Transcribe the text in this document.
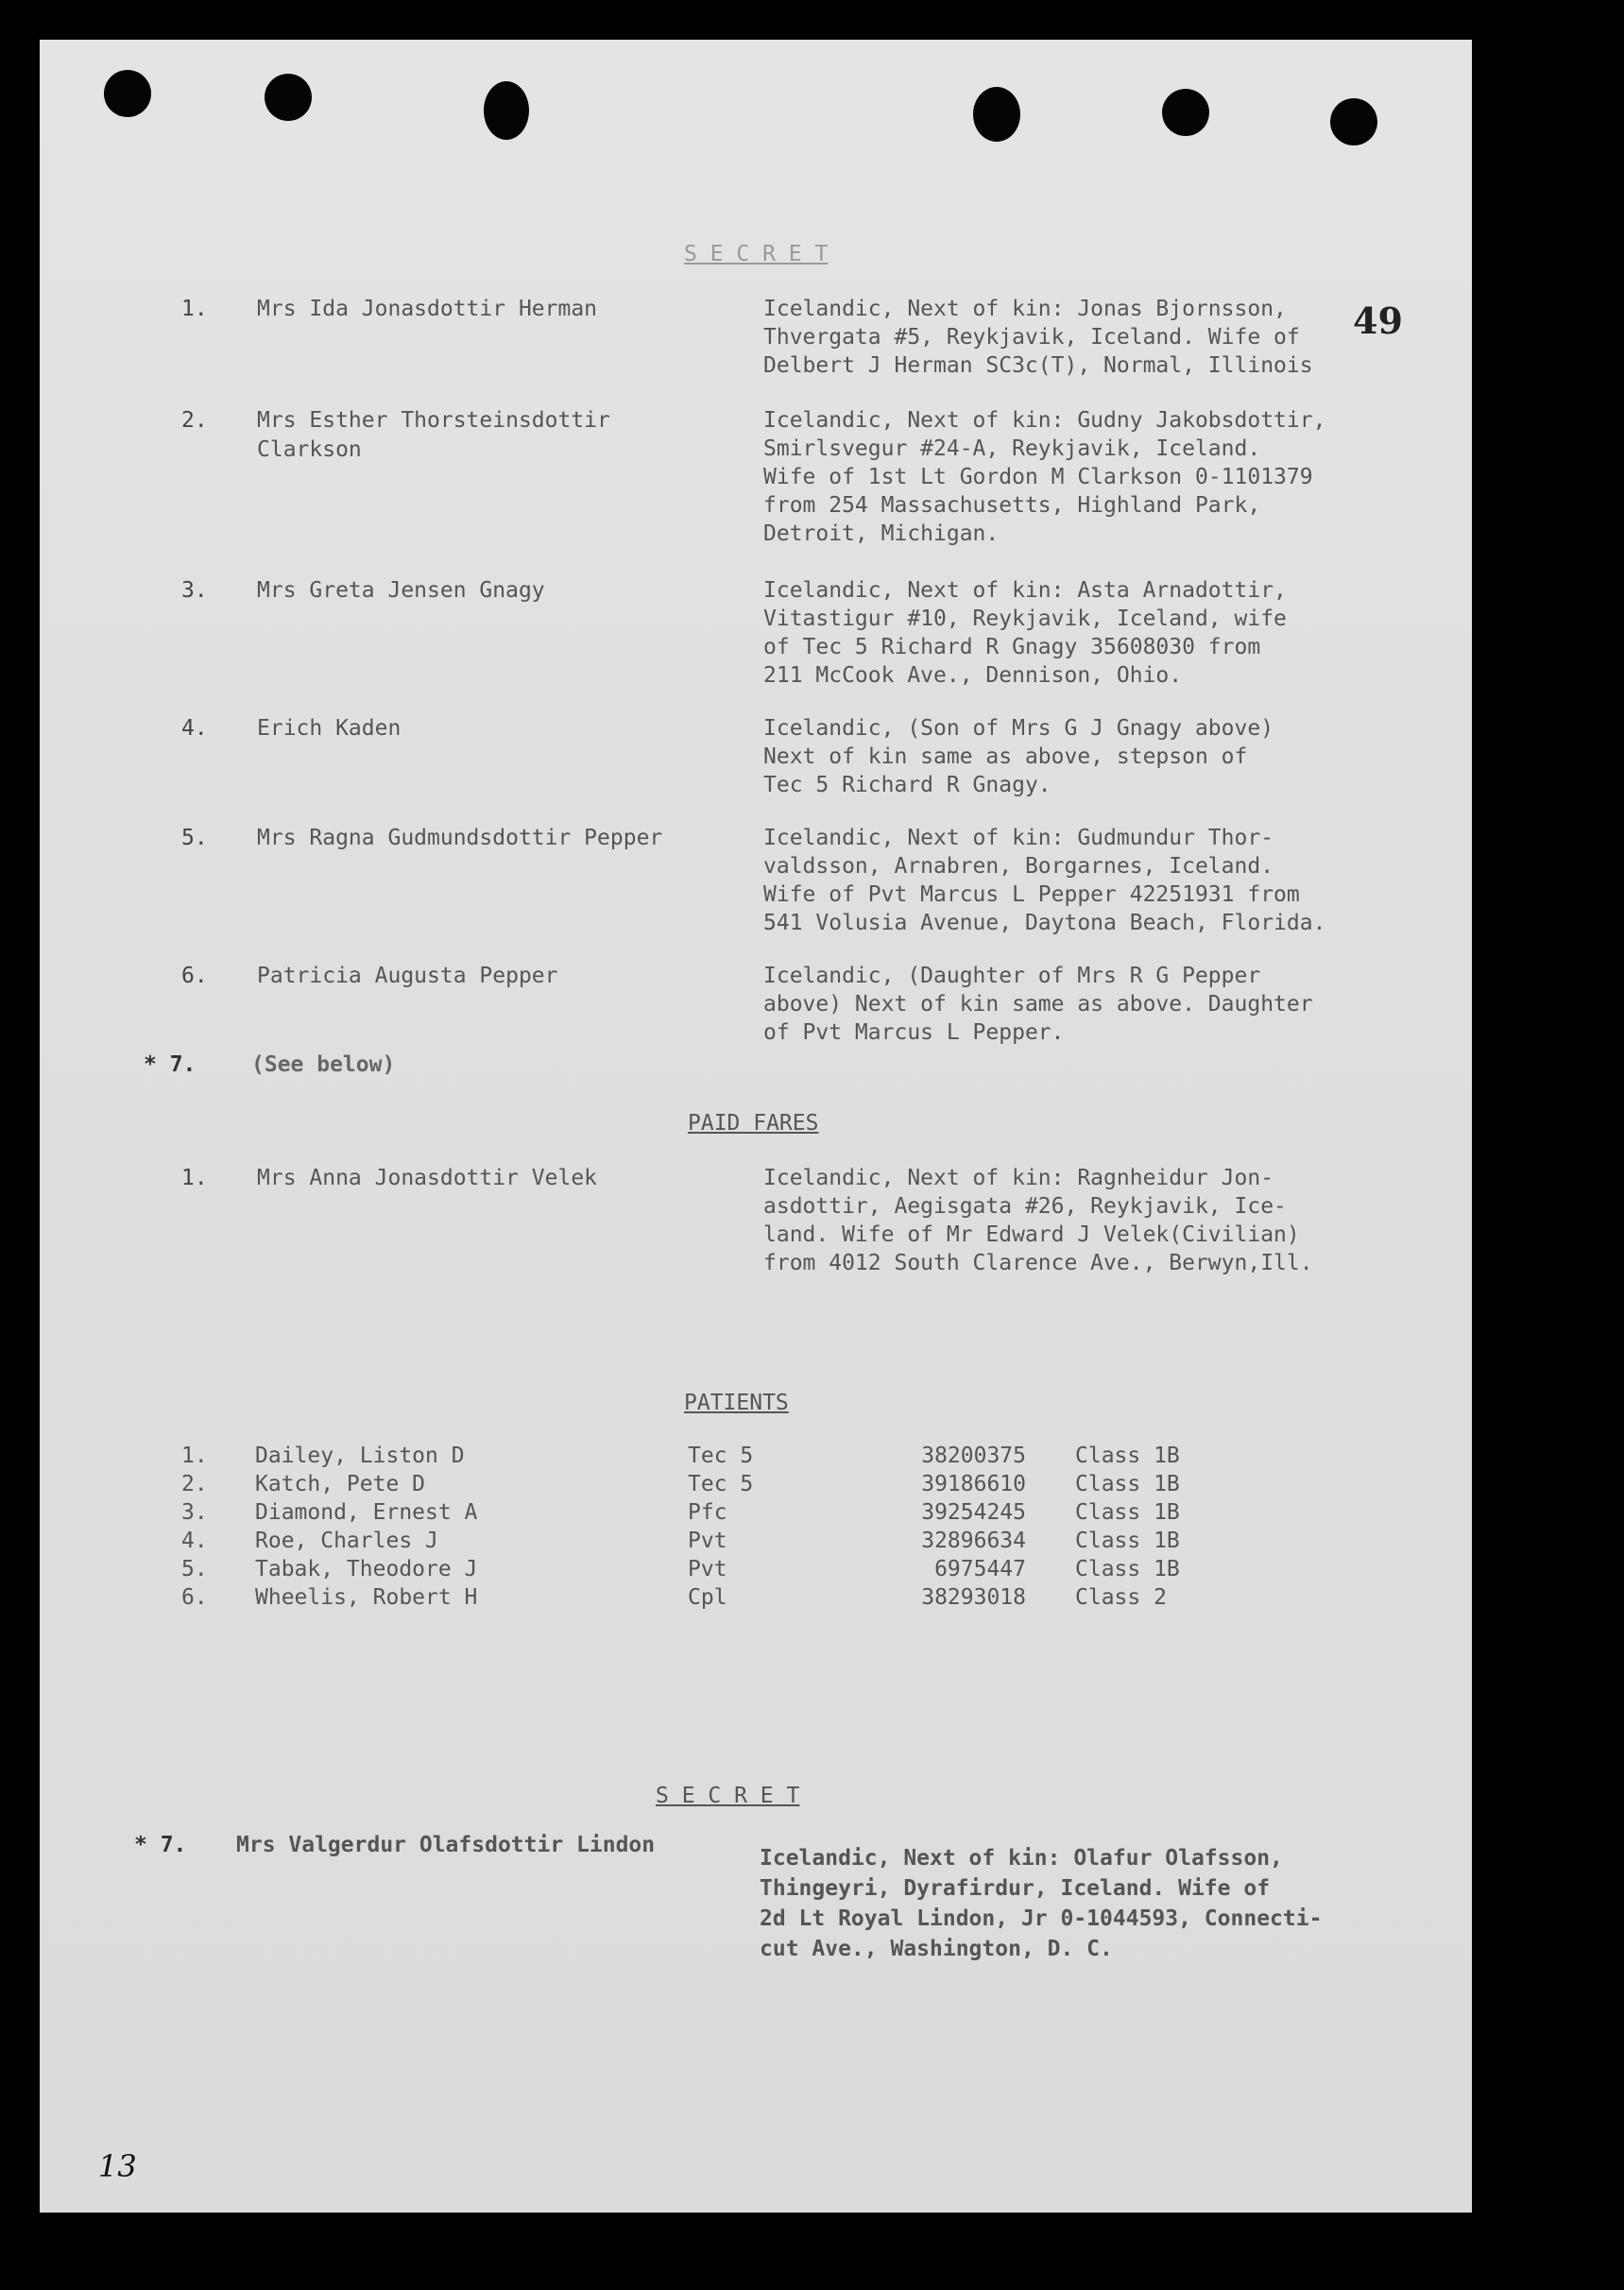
S E C R E T
49
1. Mrs Ida Jonasdottir Herman	Icelandic, Next of kin: Jonas Bjornsson,
Thvergata #5, Reykjavik, Iceland. Wife of
Delbert J Herman SC3c(T), Normal, Illinois
2. Mrs Esther Thorsteinsdottir
Clarkson
Icelandic, Next of kin: Gudny Jakobsdottir,
Smirlsvegur #24-A, Reykjavik, Iceland.
Wife of 1st Lt Gordon M Clarkson 0-1101379
from 254 Massachusetts, Highland Park,
Detroit, Michigan.
3. Mrs Greta Jensen Gnagy	Icelandic, Next of kin: Asta Arnadottir,
Vitastigur #10, Reykjavik, Iceland, wife
of Tec 5 Richard R Gnagy 35608030 from
211 McCook Ave., Dennison, Ohio.
4. Erich Kaden	Icelandic, (Son of Mrs G J Gnagy above)
Next of kin same as above, stepson of
Tec 5 Richard R Gnagy.
5. Mrs Ragna Gudmundsdottir Pepper	Icelandic, Next of kin: Gudmundur Thor-
valdsson, Arnabren, Borgarnes, Iceland.
Wife of Pvt Marcus L Pepper 42251931 from
541 Volusia Avenue, Daytona Beach, Florida.
6. Patricia Augusta Pepper	Icelandic, (Daughter of Mrs R G Pepper
above) Next of kin same as above. Daughter
of Pvt Marcus L Pepper.
* 7.	(See below)
PAID FARES
1. Mrs Anna Jonasdottir Velek	Icelandic, Next of kin: Ragnheidur Jon-
asdottir, Aegisgata #26, Reykjavik, Ice-
land. Wife of Mr Edward J Velek(Civilian)
from 4012 South Clarence Ave., Berwyn,Ill.
PATIENTS
1. Dailey, Liston D	Tec 5	38200375 Class 1B
2. Katch, Pete D	Tec 5	39186610 Class 1B
3. Diamond, Ernest A	Pfc	39254245 Class 1B
4. Roe, Charles J	Pvt	32896634 Class 1B
5. Tabak, Theodore J	Pvt	6975447 Class 1B
6. Wheelis, Robert H	Cpl	38293018 Class 2
S E C R E T
* 7. Mrs Valgerdur Olafsdottir Lindon
Icelandic, Next of kin: Olafur Olafsson,
Thingeyri, Dyrafirdur, Iceland. Wife of
2d Lt Royal Lindon, Jr 0-1044593, Connecti-
cut Ave., Washington, D. C.
13
